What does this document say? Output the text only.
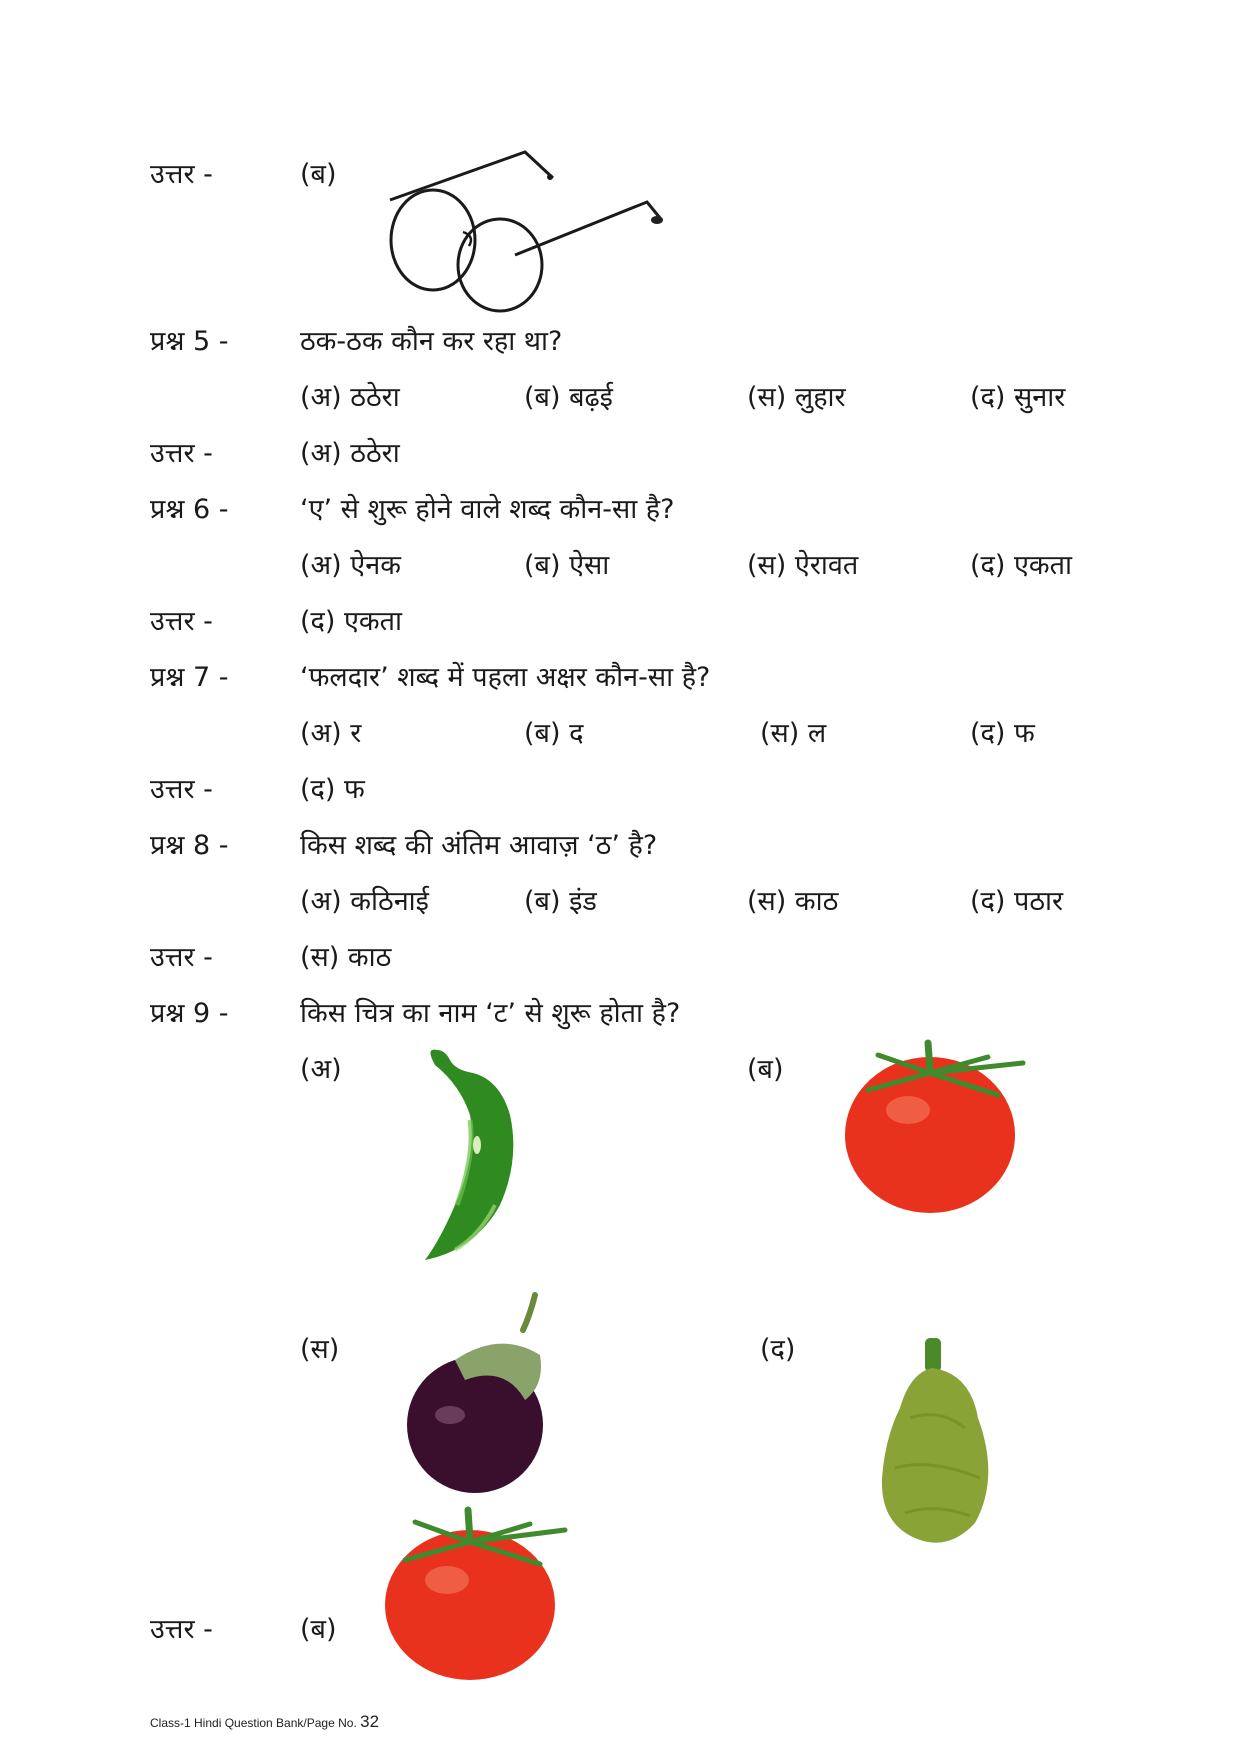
उत्तर -	(ब)
प्रश्न 5 -	ठक-ठक कौन कर रहा था?
(अ) ठठेरा	(ब) बढ़ई	(स) लुहार	(द) सुनार
उत्तर -	(अ) ठठेरा
प्रश्न 6 -	‘ए’ से शुरू होने वाले शब्द कौन-सा है?
(अ) ऐनक	(ब) ऐसा	(स) ऐरावत	(द) एकता
उत्तर -	(द) एकता
प्रश्न 7 -	‘फलदार’ शब्द में पहला अक्षर कौन-सा है?
(अ) र	(ब) द	(स) ल	(द) फ
उत्तर -	(द) फ
प्रश्न 8 -	किस शब्द की अंतिम आवाज़ ‘ठ’ है?
(अ) कठिनाई	(ब) इंड	(स) काठ	(द) पठार
उत्तर -	(स) काठ
प्रश्न 9 -	किस चित्र का नाम ‘ट’ से शुरू होता है?
(अ)	(ब)
(स)	(द)
उत्तर -	(ब)
Class-1 Hindi Question Bank/Page No. 32
